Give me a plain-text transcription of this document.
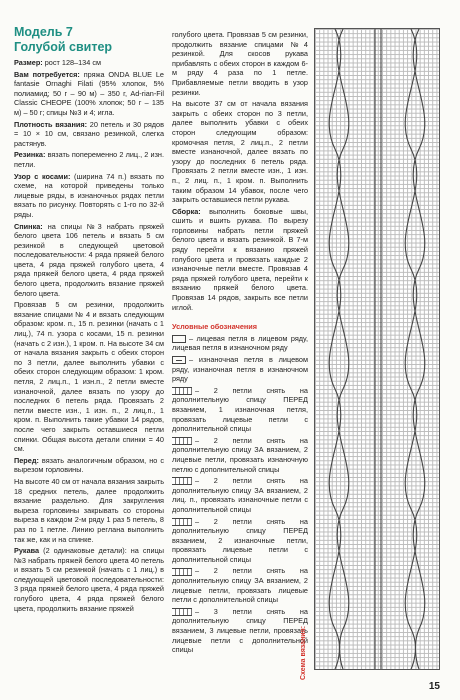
Модель 7

Голубой свитер

Размер: рост 128–134 см

Вам потребуется: пряжа ONDA BLUE Le fantasie Ornaghi Filati (95% хлопок, 5% полиамид; 50 г – 90 м) – 350 г, Ad-rian-Fil Classic CHEOPE (100% хлопок; 50 г – 135 м) – 50 г; спицы №3 и 4; игла.

Плотность вязания: 20 петель и 30 рядов = 10 × 10 см, связано резинкой, слегка растянув.

Резинка: вязать попеременно 2 лиц., 2 изн. петли.

Узор с косами: (ширина 74 п.) вязать по схеме, на которой приведены только лицевые ряды, в изнаночных рядах петли вязать по рисунку. Повторять с 1-го по 32-й ряды.

Спинка: на спицы №3 набрать пряжей белого цвета 106 петель и вязать 5 см резинкой в следующей цветовой последовательности: 4 ряда пряжей белого цвета, 4 ряда пряжей голубого цвета, 4 ряда пряжей белого цвета, 4 ряда пряжей белого цвета, продолжить вязание пряжей белого цвета.

Провязав 5 см резинки, продолжить вязание спицами № 4 и вязать следующим образом: кром. п., 15 п. резинки (начать с 1 лиц.), 74 п. узора с косами, 15 п. резинки (начать с 2 изн.), 1 кром. п. На высоте 34 см от начала вязания закрыть с обеих сторон по 3 петли, далее выполнить убавки с обеих сторон следующим образом: 1 кром. петля, 2 лиц.п., 1 изн.п., 2 петли вместе изнаночной, далее вязать по узору до последних 6 петель ряда. Провязать 2 петли вместе изн., 1 изн. п., 2 лиц.п., 1 кром. п. Выполнить такие убавки 14 рядов, после чего закрыть оставшиеся петли спинки. Общая высота детали спинки = 40 см.

Перед: вязать аналогичным образом, но с вырезом горловины.

На высоте 40 см от начала вязания закрыть 18 средних петель, далее продолжить вязание раздельно. Для закругления выреза горловины закрывать со стороны выреза в каждом 2-м ряду 1 раз 5 петель, 8 раз по 1 петле. Линию реглана выполнить так же, как и на спинке.

Рукава (2 одинаковые детали): на спицы №3 набрать пряжей белого цвета 40 петель и вязать 5 см резинкой (начать с 1 лиц.) в следующей цветовой последовательности: 3 ряда пряжей белого цвета, 4 ряда пряжей голубого цвета, 4 ряда пряжей белого цвета, продолжить вязание пряжей

голубого цвета. Провязав 5 см резинки, продолжить вязание спицами №4 резинкой. Для скосов рукава прибавлять с обеих сторон в каждом 6-м ряду 4 раза по 1 петле. Прибавляемые петли вводить в узор резинки.

На высоте 37 см от начала вязания закрыть с обеих сторон по 3 петли, далее выполнить убавки с обеих сторон следующим образом: кромочная петля, 2 лиц.п., 2 петли вместе изнаночной, далее вязать по узору до последних 6 петель ряда. Провязать 2 петли вместе изн., 1 изн. п., 2 лиц. п., 1 кром. п. Выполнить таким образом 14 убавок, после чего закрыть оставшиеся петли рукава.

Сборка: выполнить боковые швы, сшить и вшить рукава. По вырезу горловины набрать петли пряжей белого цвета и вязать резинкой. В 7-м ряду перейти к вязанию пряжей голубого цвета и провязать каждые 2 изнаночные петли вместе. Провязав 4 ряда пряжей голубого цвета, перейти к вязанию пряжей белого цвета. Провязав 14 рядов, закрыть все петли иглой.

Условные обозначения

– лицевая петля в лицевом ряду, лицевая петля в изнаночном ряду

– изнаночная петля в лицевом ряду, изнаночная петля в изнаночном ряду

– 2 петли снять на дополнительную спицу ПЕРЕД вязанием, 1 изнаночная петля, провязать лицевые петли с дополнительной спицы

– 2 петли снять на дополнительную спицу ЗА вязанием, 2 лицевые петли, провязать изнаночную петлю с дополнительной спицы

– 2 петли снять на дополнительную спицу ЗА вязанием, 2 лиц. п., провязать изнаночные петли с дополнительной спицы

– 2 петли снять на дополнительную спицу ПЕРЕД вязанием, 2 изнаночные петли, провязать лицевые петли с дополнительной спицы

– 2 петли снять на дополнительную спицу ЗА вязанием, 2 лицевые петли, провязать лицевые петли с дополнительной спицы

– 3 петли снять на дополнительную спицу ПЕРЕД вязанием, 3 лицевые петли, провязать лицевые петли с дополнительной спицы	Схема вязания:
15
